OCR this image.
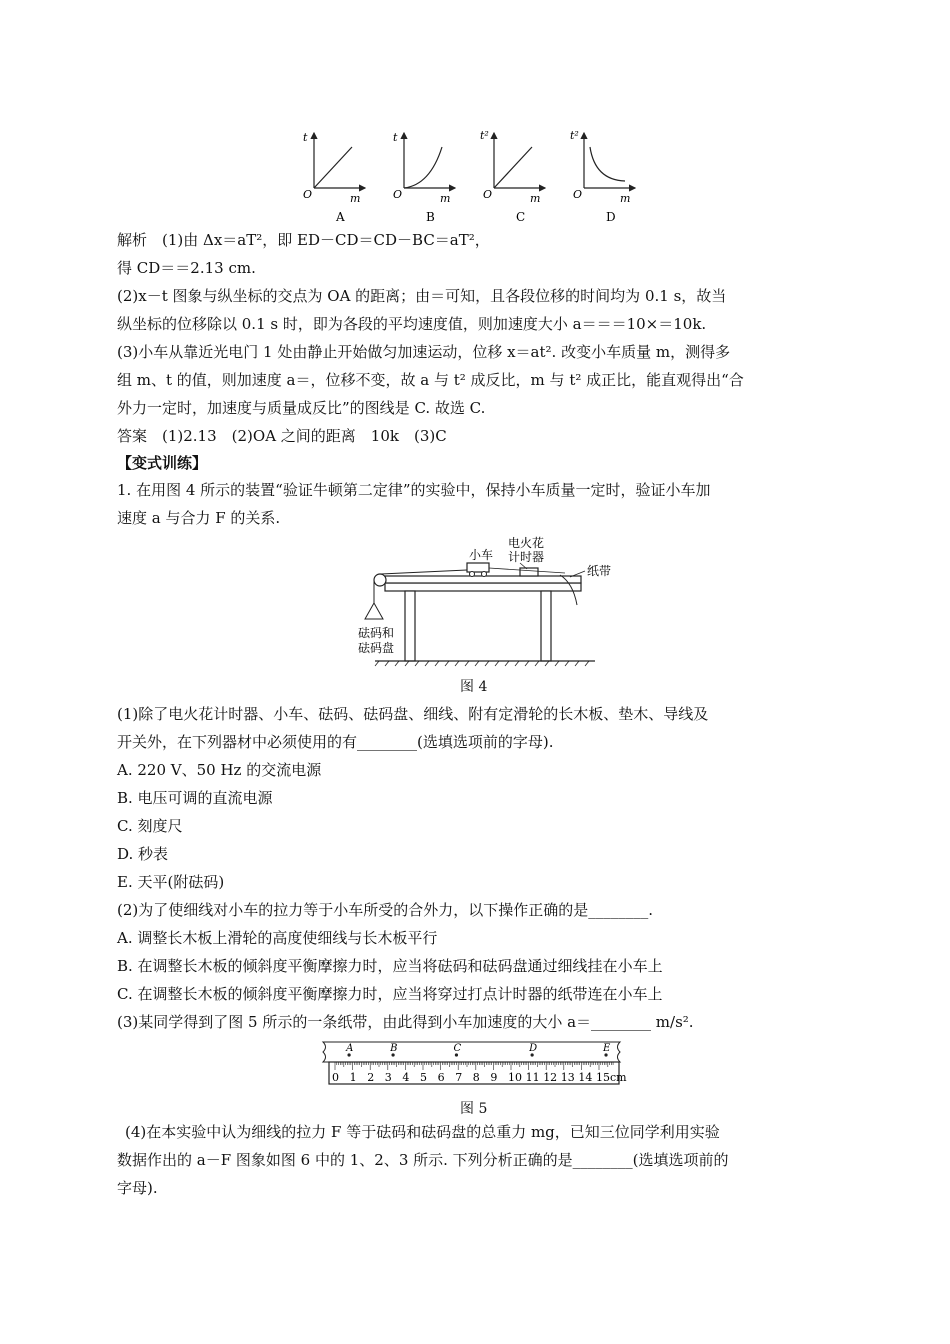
t
O	m
A
t
O	m
B
t²
O	m
C
t²
O	m
D
解析　(1)由 Δx＝aT²，即 ED－CD＝CD－BC＝aT²，
得 CD＝＝2.13 cm.
(2)x－t 图象与纵坐标的交点为 OA 的距离；由＝可知，且各段位移的时间均为 0.1 s，故当
纵坐标的位移除以 0.1 s 时，即为各段的平均速度值，则加速度大小 a＝＝＝10×＝10k.
(3)小车从靠近光电门 1 处由静止开始做匀加速运动，位移 x＝at². 改变小车质量 m，测得多
组 m、t 的值，则加速度 a＝，位移不变，故 a 与 t² 成反比，m 与 t² 成正比，能直观得出“合
外力一定时，加速度与质量成反比”的图线是 C. 故选 C.
答案　(1)2.13　(2)OA 之间的距离　10k　(3)C
【变式训练】
1. 在用图 4 所示的装置“验证牛顿第二定律”的实验中，保持小车质量一定时，验证小车加
速度 a 与合力 F 的关系.
小车
电火花
计时器
纸带
砝码和
砝码盘
图 4
(1)除了电火花计时器、小车、砝码、砝码盘、细线、附有定滑轮的长木板、垫木、导线及
开关外，在下列器材中必须使用的有________(选填选项前的字母).
A. 220 V、50 Hz 的交流电源
B. 电压可调的直流电源
C. 刻度尺
D. 秒表
E. 天平(附砝码)
(2)为了使细线对小车的拉力等于小车所受的合外力，以下操作正确的是________.
A. 调整长木板上滑轮的高度使细线与长木板平行
B. 在调整长木板的倾斜度平衡摩擦力时，应当将砝码和砝码盘通过细线挂在小车上
C. 在调整长木板的倾斜度平衡摩擦力时，应当将穿过打点计时器的纸带连在小车上
(3)某同学得到了图 5 所示的一条纸带，由此得到小车加速度的大小 a＝________ m/s².
0 1 2 3 4 5 6 7 8 9 10 11 12 13 14 15cm
A	B	C	D	E
图 5
(4)在本实验中认为细线的拉力 F 等于砝码和砝码盘的总重力 mg，已知三位同学利用实验
数据作出的 a－F 图象如图 6 中的 1、2、3 所示. 下列分析正确的是________(选填选项前的
字母).
